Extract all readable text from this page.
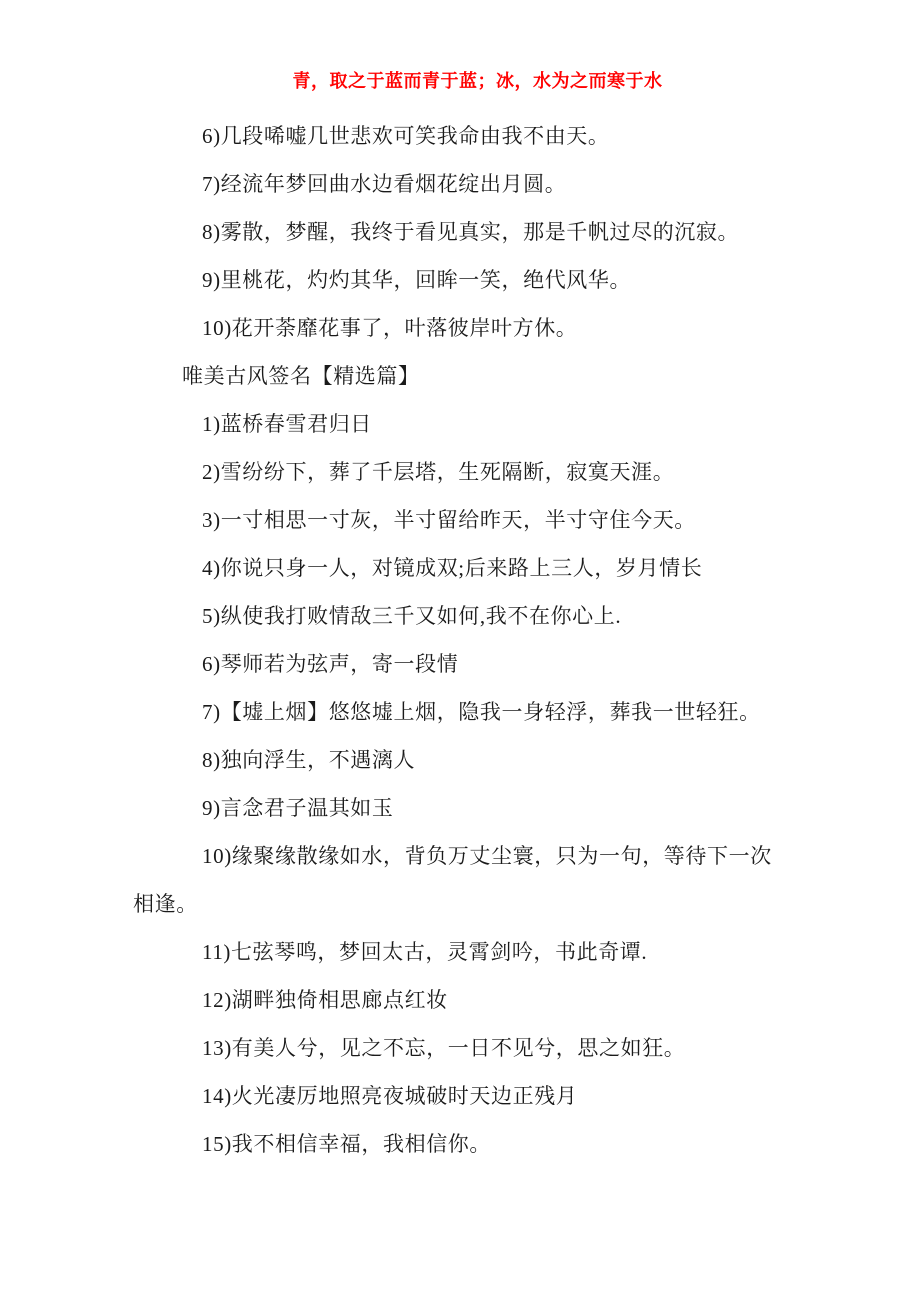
青，取之于蓝而青于蓝；冰，水为之而寒于水

6)几段唏嘘几世悲欢可笑我命由我不由天。

7)经流年梦回曲水边看烟花绽出月圆。

8)雾散，梦醒，我终于看见真实，那是千帆过尽的沉寂。

9)里桃花，灼灼其华，回眸一笑，绝代风华。

10)花开荼靡花事了，叶落彼岸叶方休。

唯美古风签名【精选篇】

1)蓝桥春雪君归日

2)雪纷纷下，葬了千层塔，生死隔断，寂寞天涯。

3)一寸相思一寸灰，半寸留给昨天，半寸守住今天。

4)你说只身一人，对镜成双;后来路上三人，岁月情长

5)纵使我打败情敌三千又如何,我不在你心上.

6)琴师若为弦声，寄一段情

7)【墟上烟】悠悠墟上烟，隐我一身轻浮，葬我一世轻狂。

8)独向浮生，不遇漓人

9)言念君子温其如玉

10)缘聚缘散缘如水，背负万丈尘寰，只为一句，等待下一次相逢。

11)七弦琴鸣，梦回太古，灵霄剑吟，书此奇谭.

12)湖畔独倚相思廊点红妆

13)有美人兮，见之不忘，一日不见兮，思之如狂。

14)火光凄厉地照亮夜城破时天边正残月

15)我不相信幸福，我相信你。
